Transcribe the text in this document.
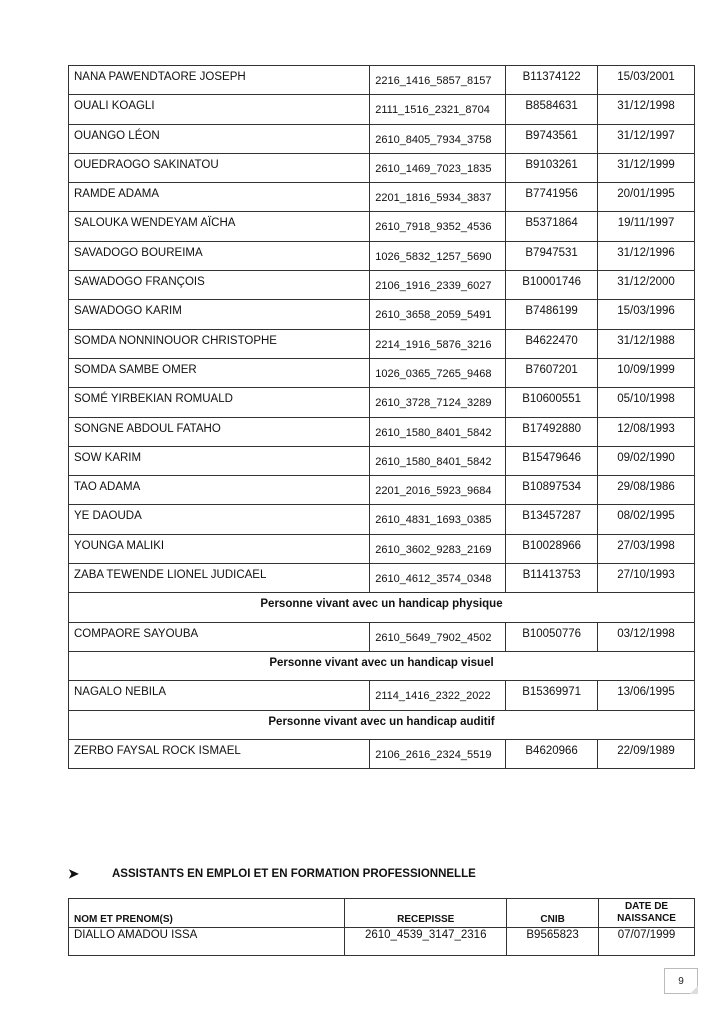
NANA PAWENDTAORE JOSEPH	2216_1416_5857_8157	B11374122	15/03/2001
OUALI KOAGLI	2111_1516_2321_8704	B8584631	31/12/1998
OUANGO LÉON	2610_8405_7934_3758	B9743561	31/12/1997
OUEDRAOGO SAKINATOU	2610_1469_7023_1835	B9103261	31/12/1999
RAMDE ADAMA	2201_1816_5934_3837	B7741956	20/01/1995
SALOUKA WENDEYAM AÏCHA	2610_7918_9352_4536	B5371864	19/11/1997
SAVADOGO BOUREIMA	1026_5832_1257_5690	B7947531	31/12/1996
SAWADOGO FRANÇOIS	2106_1916_2339_6027	B10001746	31/12/2000
SAWADOGO KARIM	2610_3658_2059_5491	B7486199	15/03/1996
SOMDA NONNINOUOR CHRISTOPHE	2214_1916_5876_3216	B4622470	31/12/1988
SOMDA SAMBE OMER	1026_0365_7265_9468	B7607201	10/09/1999
SOMÉ YIRBEKIAN ROMUALD	2610_3728_7124_3289	B10600551	05/10/1998
SONGNE ABDOUL FATAHO	2610_1580_8401_5842	B17492880	12/08/1993
SOW KARIM	2610_1580_8401_5842	B15479646	09/02/1990
TAO ADAMA	2201_2016_5923_9684	B10897534	29/08/1986
YE DAOUDA	2610_4831_1693_0385	B13457287	08/02/1995
YOUNGA MALIKI	2610_3602_9283_2169	B10028966	27/03/1998
ZABA TEWENDE LIONEL JUDICAEL	2610_4612_3574_0348	B11413753	27/10/1993
Personne vivant avec un handicap physique			
COMPAORE SAYOUBA	2610_5649_7902_4502	B10050776	03/12/1998
Personne vivant avec un handicap visuel			
NAGALO NEBILA	2114_1416_2322_2022	B15369971	13/06/1995
Personne vivant avec un handicap auditif			
ZERBO FAYSAL ROCK ISMAEL	2106_2616_2324_5519	B4620966	22/09/1989
➤	ASSISTANTS EN EMPLOI ET EN FORMATION PROFESSIONNELLE
NOM ET PRENOM(S)	RECEPISSE	CNIB	DATE DE
NAISSANCE

DIALLO AMADOU ISSA	2610_4539_3147_2316	B9565823	07/07/1999
9
